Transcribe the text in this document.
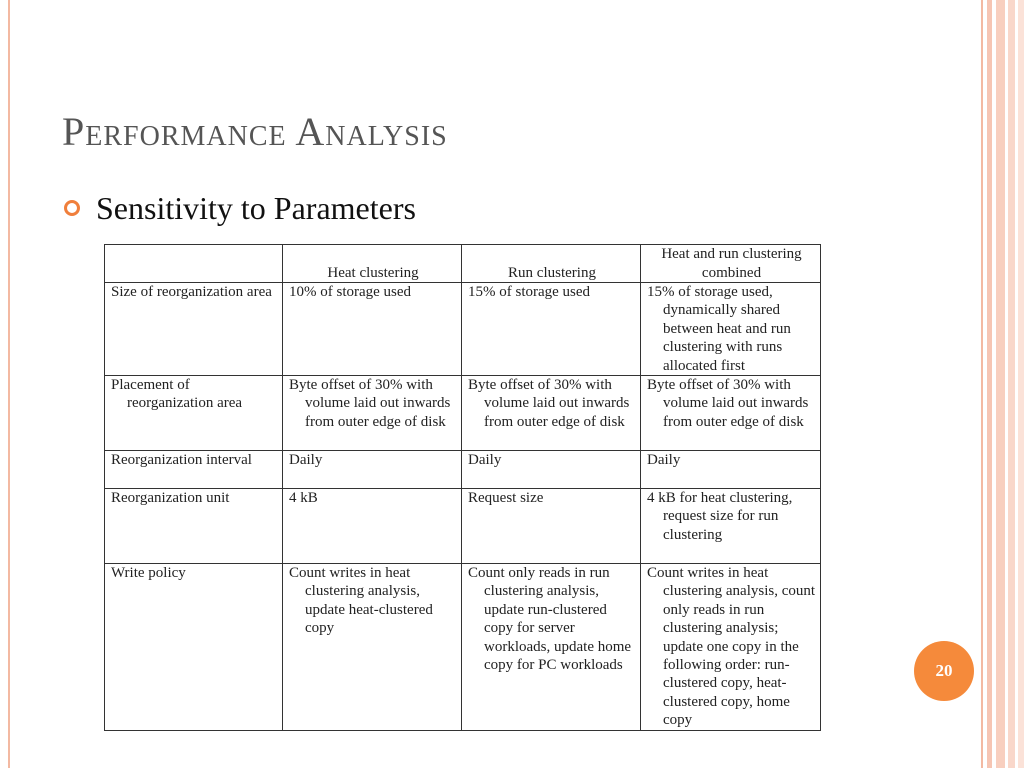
Performance Analysis
Sensitivity to Parameters
	Heat clustering	Run clustering	Heat and run clustering combined

Size of reorganization area	10% of storage used	15% of storage used	15% of storage used, dynamically shared between heat and run clustering with runs allocated first

Placement of reorganization area	Byte offset of 30% with volume laid out inwards from outer edge of disk	Byte offset of 30% with volume laid out inwards from outer edge of disk	Byte offset of 30% with volume laid out inwards from outer edge of disk

Reorganization interval	Daily	Daily	Daily

Reorganization unit	4 kB	Request size	4 kB for heat clustering, request size for run clustering

Write policy	Count writes in heat clustering analysis, update heat-clustered copy	Count only reads in run clustering analysis, update run-clustered copy for server workloads, update home copy for PC workloads	Count writes in heat clustering analysis, count only reads in run clustering analysis; update one copy in the following order: run-clustered copy, heat-clustered copy, home copy
20
